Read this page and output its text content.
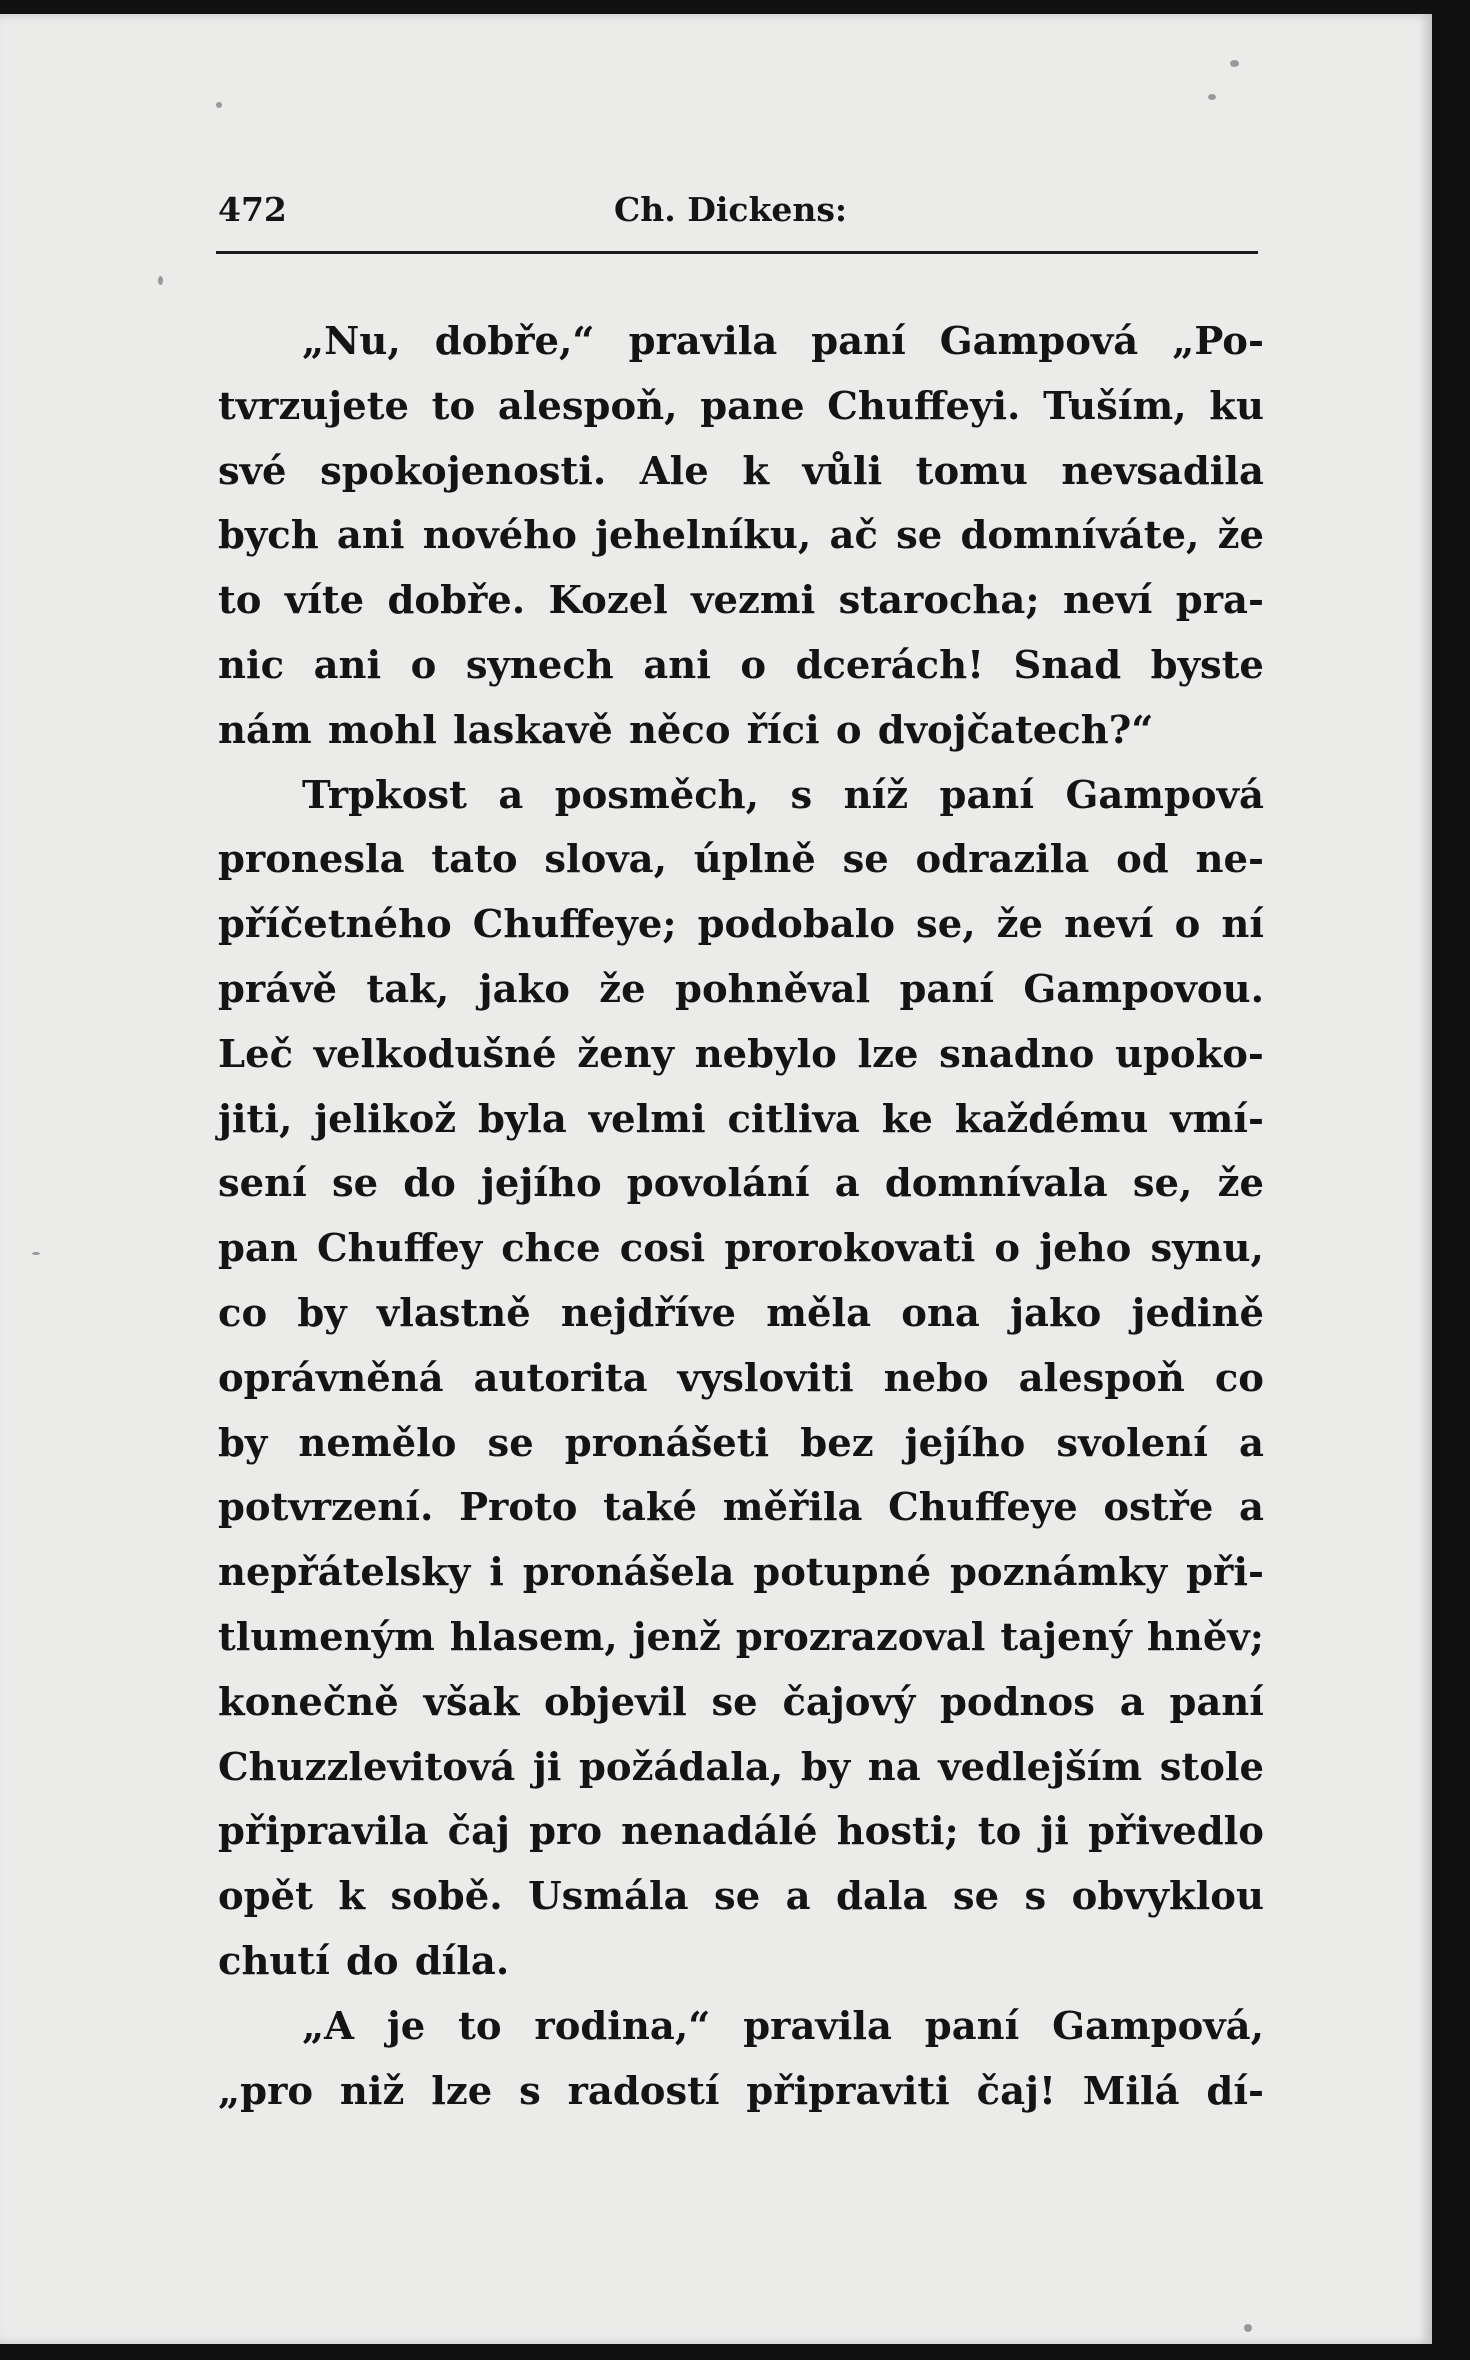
472	Ch. Dickens:
„Nu, dobře,“ pravila paní Gampová „Po-
tvrzujete to alespoň, pane Chuffeyi. Tuším, ku
své spokojenosti. Ale k vůli tomu nevsadila
bych ani nového jehelníku, ač se domníváte, že
to víte dobře. Kozel vezmi starocha; neví pra-
nic ani o synech ani o dcerách! Snad byste
nám mohl laskavě něco říci o dvojčatech?“
Trpkost a posměch, s níž paní Gampová
pronesla tato slova, úplně se odrazila od ne-
příčetného Chuffeye; podobalo se, že neví o ní
právě tak, jako že pohněval paní Gampovou.
Leč velkodušné ženy nebylo lze snadno upoko-
jiti, jelikož byla velmi citliva ke každému vmí-
sení se do jejího povolání a domnívala se, že
pan Chuffey chce cosi prorokovati o jeho synu,
co by vlastně nejdříve měla ona jako jedině
oprávněná autorita vysloviti nebo alespoň co
by nemělo se pronášeti bez jejího svolení a
potvrzení. Proto také měřila Chuffeye ostře a
nepřátelsky i pronášela potupné poznámky při-
tlumeným hlasem, jenž prozrazoval tajený hněv;
konečně však objevil se čajový podnos a paní
Chuzzlevitová ji požádala, by na vedlejším stole
připravila čaj pro nenadálé hosti; to ji přivedlo
opět k sobě. Usmála se a dala se s obvyklou
chutí do díla.
„A je to rodina,“ pravila paní Gampová,
„pro niž lze s radostí připraviti čaj! Milá dí-
